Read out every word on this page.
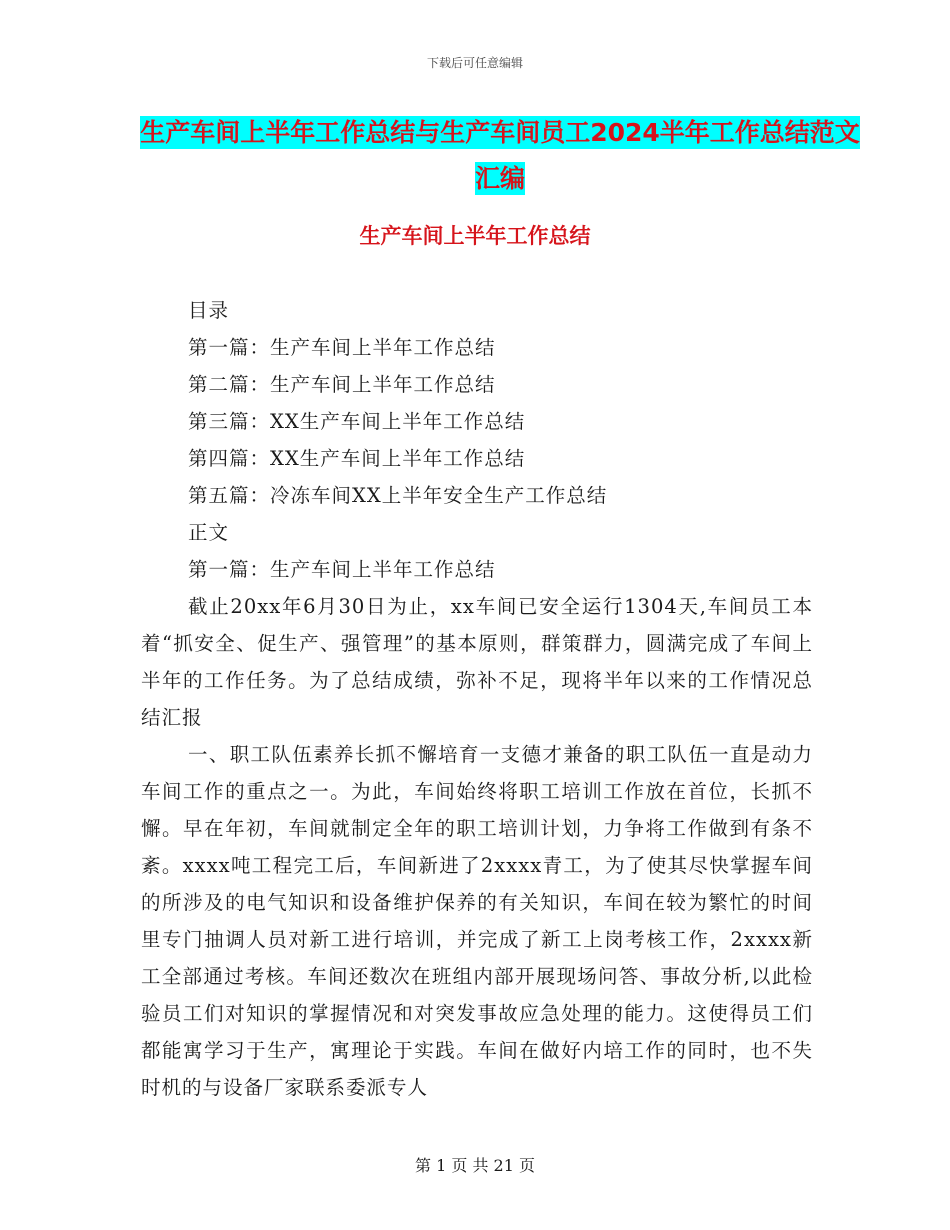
下载后可任意编辑
生产车间上半年工作总结与生产车间员工2024半年工作总结范文汇编
生产车间上半年工作总结
目录
第一篇：生产车间上半年工作总结
第二篇：生产车间上半年工作总结
第三篇：XX生产车间上半年工作总结
第四篇：XX生产车间上半年工作总结
第五篇：冷冻车间XX上半年安全生产工作总结
正文
第一篇：生产车间上半年工作总结

截止20xx年6月30日为止，xx车间已安全运行1304天,车间员工本着“抓安全、促生产、强管理”的基本原则，群策群力，圆满完成了车间上半年的工作任务。为了总结成绩，弥补不足，现将半年以来的工作情况总结汇报

一、职工队伍素养长抓不懈培育一支德才兼备的职工队伍一直是动力车间工作的重点之一。为此，车间始终将职工培训工作放在首位，长抓不懈。早在年初，车间就制定全年的职工培训计划，力争将工作做到有条不紊。xxxx吨工程完工后，车间新进了2xxxx青工，为了使其尽快掌握车间的所涉及的电气知识和设备维护保养的有关知识，车间在较为繁忙的时间里专门抽调人员对新工进行培训，并完成了新工上岗考核工作，2xxxx新工全部通过考核。车间还数次在班组内部开展现场问答、事故分析,以此检验员工们对知识的掌握情况和对突发事故应急处理的能力。这使得员工们都能寓学习于生产，寓理论于实践。车间在做好内培工作的同时，也不失时机的与设备厂家联系委派专人

第 1 页 共 21 页
